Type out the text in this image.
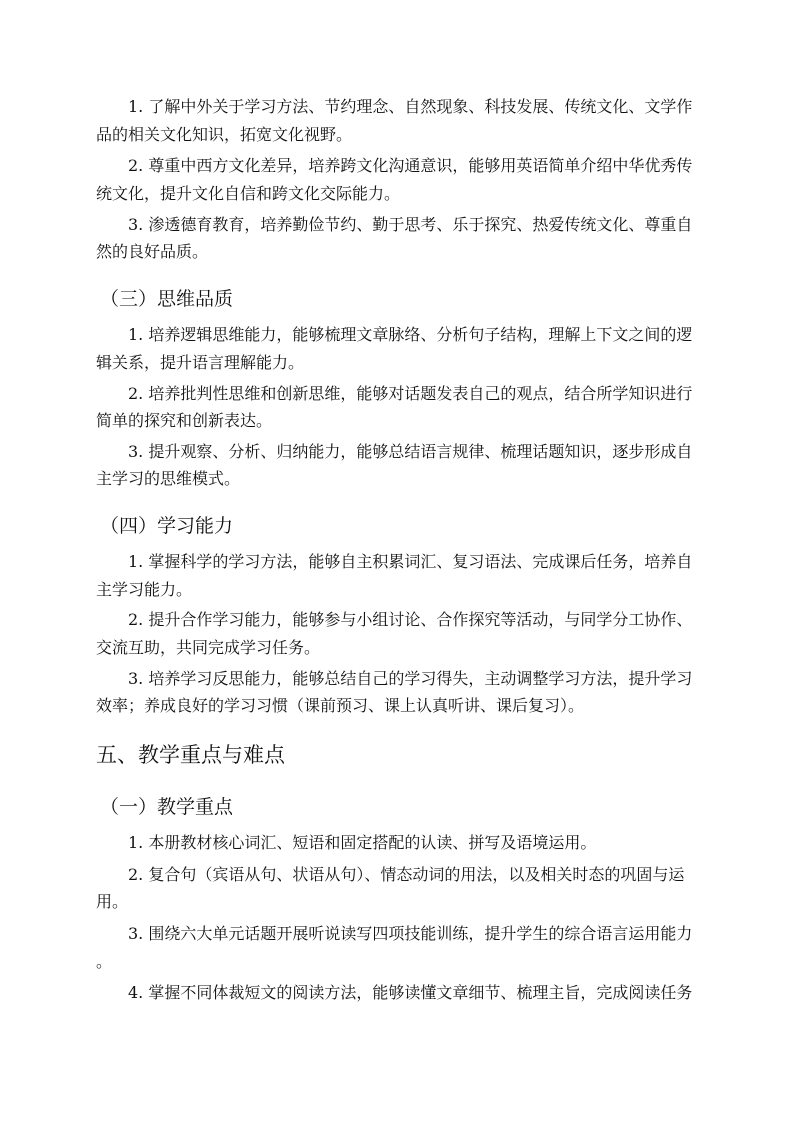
1. 了解中外关于学习方法、节约理念、自然现象、科技发展、传统文化、文学作
品的相关文化知识，拓宽文化视野。
2. 尊重中西方文化差异，培养跨文化沟通意识，能够用英语简单介绍中华优秀传
统文化，提升文化自信和跨文化交际能力。
3. 渗透德育教育，培养勤俭节约、勤于思考、乐于探究、热爱传统文化、尊重自
然的良好品质。
（三）思维品质
1. 培养逻辑思维能力，能够梳理文章脉络、分析句子结构，理解上下文之间的逻
辑关系，提升语言理解能力。
2. 培养批判性思维和创新思维，能够对话题发表自己的观点，结合所学知识进行
简单的探究和创新表达。
3. 提升观察、分析、归纳能力，能够总结语言规律、梳理话题知识，逐步形成自
主学习的思维模式。
（四）学习能力
1. 掌握科学的学习方法，能够自主积累词汇、复习语法、完成课后任务，培养自
主学习能力。
2. 提升合作学习能力，能够参与小组讨论、合作探究等活动，与同学分工协作、
交流互助，共同完成学习任务。
3. 培养学习反思能力，能够总结自己的学习得失，主动调整学习方法，提升学习
效率；养成良好的学习习惯（课前预习、课上认真听讲、课后复习）。
五、教学重点与难点
（一）教学重点
1. 本册教材核心词汇、短语和固定搭配的认读、拼写及语境运用。
2. 复合句（宾语从句、状语从句）、情态动词的用法，以及相关时态的巩固与运
用。
3. 围绕六大单元话题开展听说读写四项技能训练，提升学生的综合语言运用能力
。
4. 掌握不同体裁短文的阅读方法，能够读懂文章细节、梳理主旨，完成阅读任务
